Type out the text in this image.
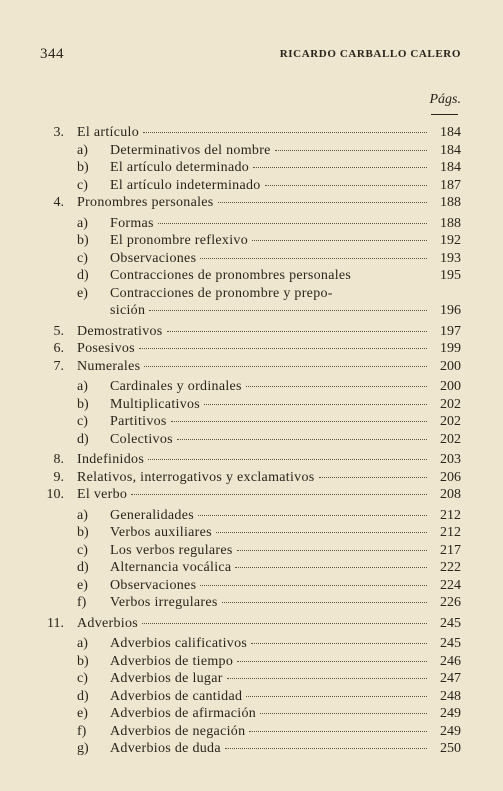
344	RICARDO CARBALLO CALERO
Págs.
3. El artículo	184
a) Determinativos del nombre	184
b) El artículo determinado	184
c) El artículo indeterminado	187
4. Pronombres personales	188
a) Formas	188
b) El pronombre reflexivo	192
c) Observaciones	193
d) Contracciones de pronombres personales	195
e) Contracciones de pronombre y prepo-
sición	196
5. Demostrativos	197
6. Posesivos	199
7. Numerales	200
a) Cardinales y ordinales	200
b) Multiplicativos	202
c) Partitivos	202
d) Colectivos	202
8. Indefinidos	203
9. Relativos, interrogativos y exclamativos	206
10. El verbo	208
a) Generalidades	212
b) Verbos auxiliares	212
c) Los verbos regulares	217
d) Alternancia vocálica	222
e) Observaciones	224
f) Verbos irregulares	226
11. Adverbios	245
a) Adverbios calificativos	245
b) Adverbios de tiempo	246
c) Adverbios de lugar	247
d) Adverbios de cantidad	248
e) Adverbios de afirmación	249
f) Adverbios de negación	249
g) Adverbios de duda	250
